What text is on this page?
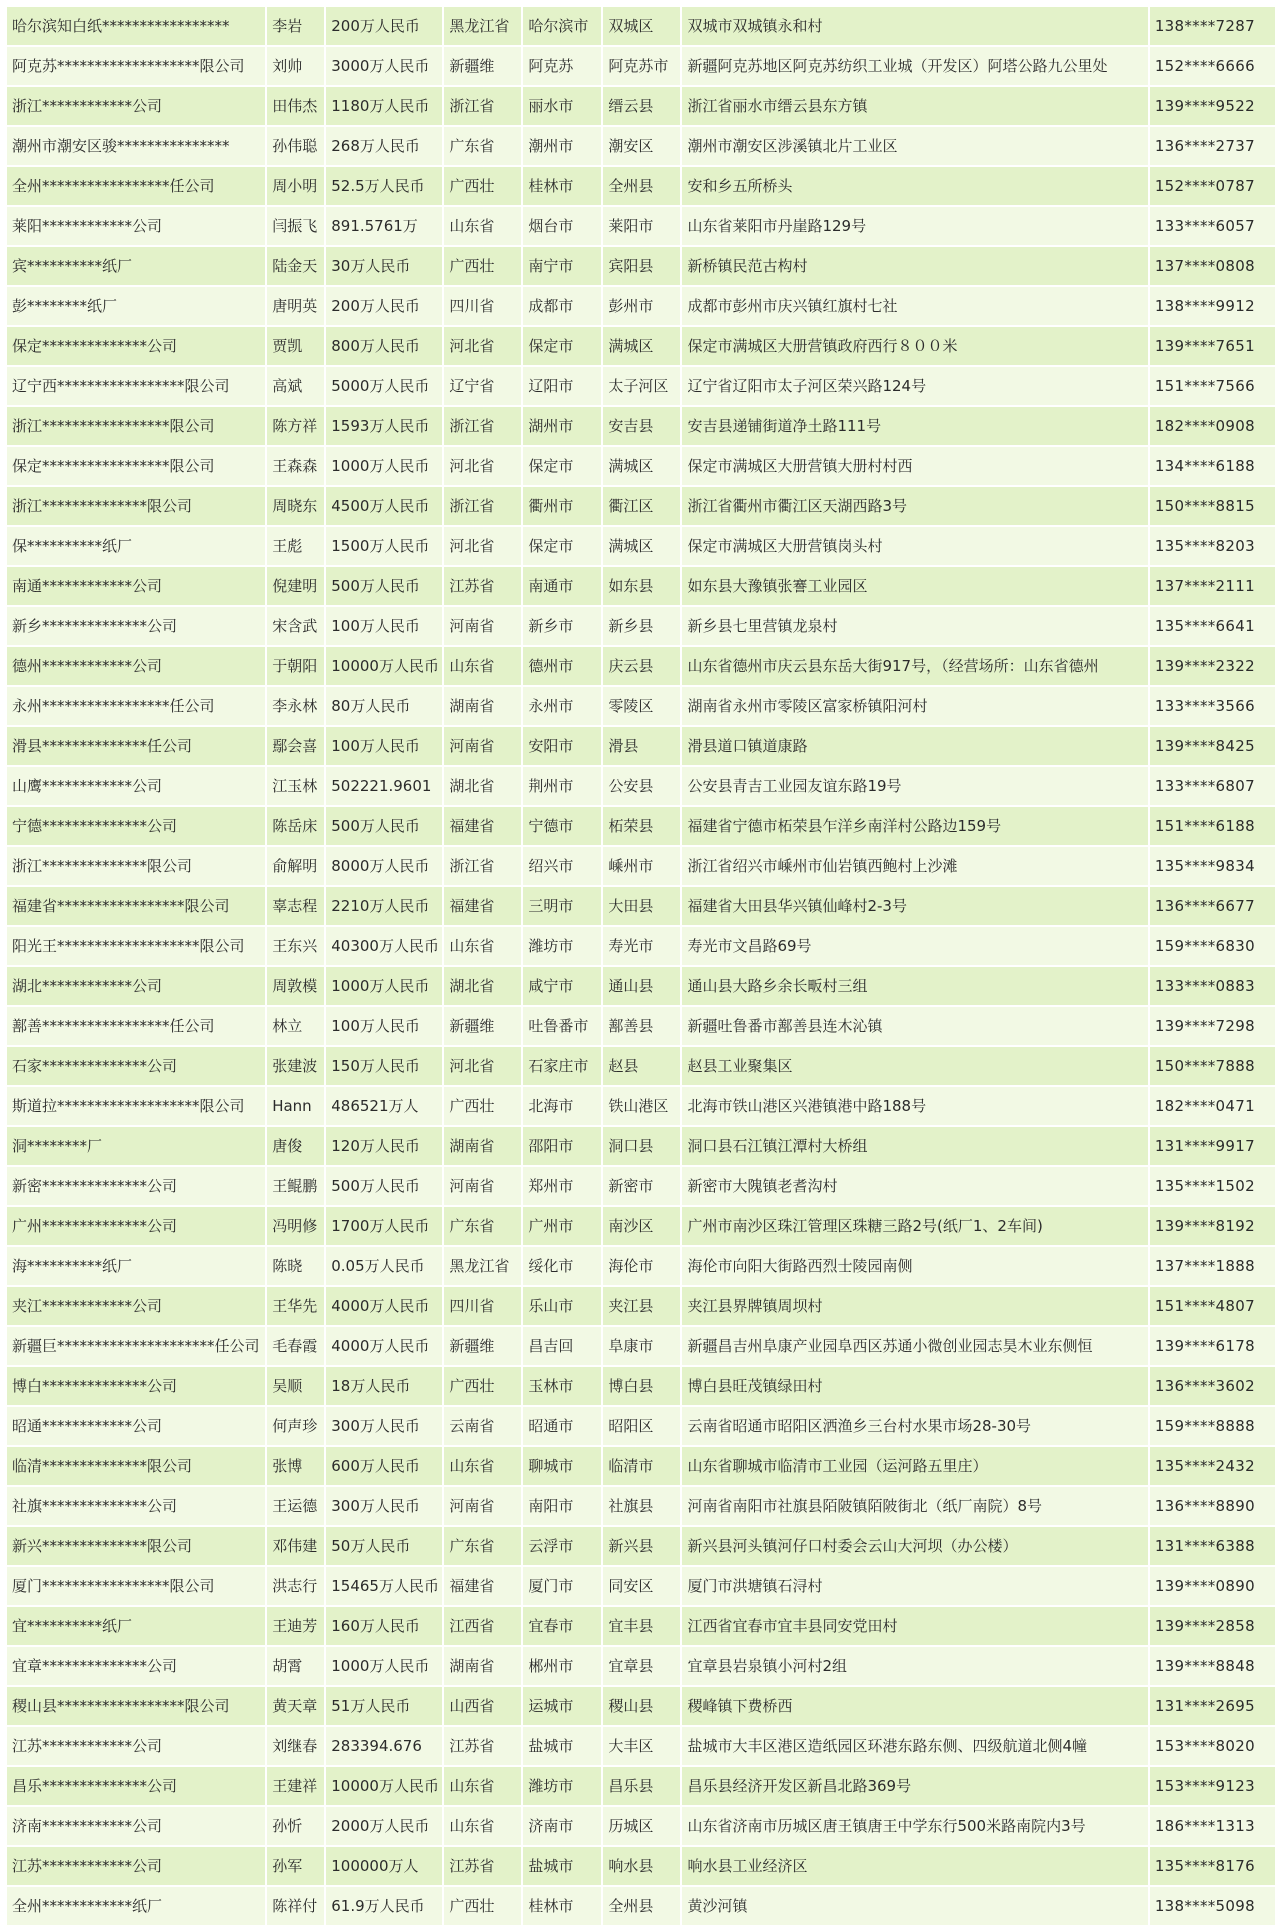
哈尔滨知白纸*****************	李岩	200万人民币	黑龙江省	哈尔滨市	双城区	双城市双城镇永和村	138****7287
阿克苏*******************限公司	刘帅	3000万人民币	新疆维	阿克苏	阿克苏市	新疆阿克苏地区阿克苏纺织工业城（开发区）阿塔公路九公里处	152****6666
浙江************公司	田伟杰	1180万人民币	浙江省	丽水市	缙云县	浙江省丽水市缙云县东方镇	139****9522
潮州市潮安区骏***************	孙伟聪	268万人民币	广东省	潮州市	潮安区	潮州市潮安区涉溪镇北片工业区	136****2737
全州*****************任公司	周小明	52.5万人民币	广西壮	桂林市	全州县	安和乡五所桥头	152****0787
莱阳************公司	闫振飞	891.5761万	山东省	烟台市	莱阳市	山东省莱阳市丹崖路129号	133****6057
宾**********纸厂	陆金天	30万人民币	广西壮	南宁市	宾阳县	新桥镇民范古构村	137****0808
彭********纸厂	唐明英	200万人民币	四川省	成都市	彭州市	成都市彭州市庆兴镇红旗村七社	138****9912
保定**************公司	贾凯	800万人民币	河北省	保定市	满城区	保定市满城区大册营镇政府西行８００米	139****7651
辽宁西*****************限公司	高斌	5000万人民币	辽宁省	辽阳市	太子河区	辽宁省辽阳市太子河区荣兴路124号	151****7566
浙江*****************限公司	陈方祥	1593万人民币	浙江省	湖州市	安吉县	安吉县递铺街道净土路111号	182****0908
保定*****************限公司	王森森	1000万人民币	河北省	保定市	满城区	保定市满城区大册营镇大册村村西	134****6188
浙江**************限公司	周晓东	4500万人民币	浙江省	衢州市	衢江区	浙江省衢州市衢江区天湖西路3号	150****8815
保**********纸厂	王彪	1500万人民币	河北省	保定市	满城区	保定市满城区大册营镇岗头村	135****8203
南通************公司	倪建明	500万人民币	江苏省	南通市	如东县	如东县大豫镇张謇工业园区	137****2111
新乡**************公司	宋含武	100万人民币	河南省	新乡市	新乡县	新乡县七里营镇龙泉村	135****6641
德州************公司	于朝阳	10000万人民币	山东省	德州市	庆云县	山东省德州市庆云县东岳大街917号，（经营场所：山东省德州	139****2322
永州*****************任公司	李永林	80万人民币	湖南省	永州市	零陵区	湖南省永州市零陵区富家桥镇阳河村	133****3566
滑县**************任公司	鄢会喜	100万人民币	河南省	安阳市	滑县	滑县道口镇道康路	139****8425
山鹰************公司	江玉林	502221.9601	湖北省	荆州市	公安县	公安县青吉工业园友谊东路19号	133****6807
宁德**************公司	陈岳床	500万人民币	福建省	宁德市	柘荣县	福建省宁德市柘荣县乍洋乡南洋村公路边159号	151****6188
浙江**************限公司	俞解明	8000万人民币	浙江省	绍兴市	嵊州市	浙江省绍兴市嵊州市仙岩镇西鲍村上沙滩	135****9834
福建省*****************限公司	辜志程	2210万人民币	福建省	三明市	大田县	福建省大田县华兴镇仙峰村2-3号	136****6677
阳光王*******************限公司	王东兴	40300万人民币	山东省	潍坊市	寿光市	寿光市文昌路69号	159****6830
湖北************公司	周敦模	1000万人民币	湖北省	咸宁市	通山县	通山县大路乡余长畈村三组	133****0883
鄯善*****************任公司	林立	100万人民币	新疆维	吐鲁番市	鄯善县	新疆吐鲁番市鄯善县连木沁镇	139****7298
石家**************公司	张建波	150万人民币	河北省	石家庄市	赵县	赵县工业聚集区	150****7888
斯道拉*******************限公司	Hann	486521万人	广西壮	北海市	铁山港区	北海市铁山港区兴港镇港中路188号	182****0471
洞********厂	唐俊	120万人民币	湖南省	邵阳市	洞口县	洞口县石江镇江潭村大桥组	131****9917
新密**************公司	王鲲鹏	500万人民币	河南省	郑州市	新密市	新密市大隗镇老耆沟村	135****1502
广州**************公司	冯明修	1700万人民币	广东省	广州市	南沙区	广州市南沙区珠江管理区珠糖三路2号(纸厂1、2车间)	139****8192
海**********纸厂	陈晓	0.05万人民币	黑龙江省	绥化市	海伦市	海伦市向阳大街路西烈士陵园南侧	137****1888
夹江************公司	王华先	4000万人民币	四川省	乐山市	夹江县	夹江县界牌镇周坝村	151****4807
新疆巨*********************任公司	毛春霞	4000万人民币	新疆维	昌吉回	阜康市	新疆昌吉州阜康产业园阜西区苏通小微创业园志昊木业东侧恒	139****6178
博白**************公司	吴顺	18万人民币	广西壮	玉林市	博白县	博白县旺茂镇绿田村	136****3602
昭通************公司	何声珍	300万人民币	云南省	昭通市	昭阳区	云南省昭通市昭阳区洒渔乡三台村水果市场28-30号	159****8888
临清**************限公司	张博	600万人民币	山东省	聊城市	临清市	山东省聊城市临清市工业园（运河路五里庄）	135****2432
社旗**************公司	王运德	300万人民币	河南省	南阳市	社旗县	河南省南阳市社旗县陌陂镇陌陂街北（纸厂南院）8号	136****8890
新兴**************限公司	邓伟建	50万人民币	广东省	云浮市	新兴县	新兴县河头镇河仔口村委会云山大河坝（办公楼）	131****6388
厦门*****************限公司	洪志行	15465万人民币	福建省	厦门市	同安区	厦门市洪塘镇石浔村	139****0890
宜**********纸厂	王迪芳	160万人民币	江西省	宜春市	宜丰县	江西省宜春市宜丰县同安党田村	139****2858
宜章**************公司	胡霄	1000万人民币	湖南省	郴州市	宜章县	宜章县岩泉镇小河村2组	139****8848
稷山县*****************限公司	黄天章	51万人民币	山西省	运城市	稷山县	稷峰镇下费桥西	131****2695
江苏************公司	刘继春	283394.676	江苏省	盐城市	大丰区	盐城市大丰区港区造纸园区环港东路东侧、四级航道北侧4幢	153****8020
昌乐**************公司	王建祥	10000万人民币	山东省	潍坊市	昌乐县	昌乐县经济开发区新昌北路369号	153****9123
济南************公司	孙忻	2000万人民币	山东省	济南市	历城区	山东省济南市历城区唐王镇唐王中学东行500米路南院内3号	186****1313
江苏************公司	孙军	100000万人	江苏省	盐城市	响水县	响水县工业经济区	135****8176
全州************纸厂	陈祥付	61.9万人民币	广西壮	桂林市	全州县	黄沙河镇	138****5098
